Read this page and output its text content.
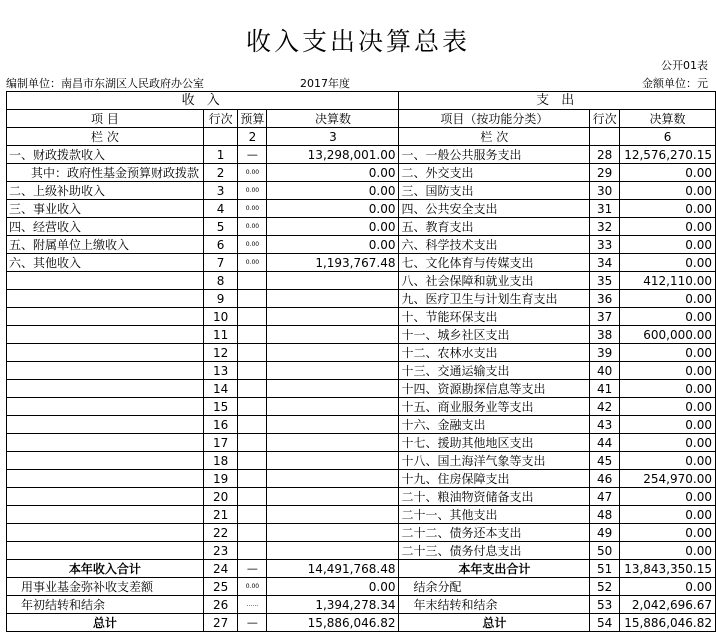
收入支出决算总表
公开01表
编制单位：南昌市东湖区人民政府办公室	2017年度	金额单位：元
收 入				支 出		
项 目	行次	预算	决算数	项目（按功能分类）	行次	决算数
栏 次		2	3	栏 次		6
一、财政拨款收入	1	—	13,298,001.00	一、一般公共服务支出	28	12,576,270.15
其中：政府性基金预算财政拨款	2	0.00	0.00	二、外交支出	29	0.00
二、上级补助收入	3	0.00	0.00	三、国防支出	30	0.00
三、事业收入	4	0.00	0.00	四、公共安全支出	31	0.00
四、经营收入	5	0.00	0.00	五、教育支出	32	0.00
五、附属单位上缴收入	6	0.00	0.00	六、科学技术支出	33	0.00
六、其他收入	7	0.00	1,193,767.48	七、文化体育与传媒支出	34	0.00
	8			八、社会保障和就业支出	35	412,110.00
	9			九、医疗卫生与计划生育支出	36	0.00
	10			十、节能环保支出	37	0.00
	11			十一、城乡社区支出	38	600,000.00
	12			十二、农林水支出	39	0.00
	13			十三、交通运输支出	40	0.00
	14			十四、资源勘探信息等支出	41	0.00
	15			十五、商业服务业等支出	42	0.00
	16			十六、金融支出	43	0.00
	17			十七、援助其他地区支出	44	0.00
	18			十八、国土海洋气象等支出	45	0.00
	19			十九、住房保障支出	46	254,970.00
	20			二十、粮油物资储备支出	47	0.00
	21			二十一、其他支出	48	0.00
	22			二十二、债务还本支出	49	0.00
	23			二十三、债务付息支出	50	0.00
本年收入合计	24	—	14,491,768.48	本年支出合计	51	13,843,350.15
用事业基金弥补收支差额	25	0.00	0.00	结余分配	52	0.00
年初结转和结余	26	......	1,394,278.34	年末结转和结余	53	2,042,696.67
总计	27	—	15,886,046.82	总计	54	15,886,046.82
